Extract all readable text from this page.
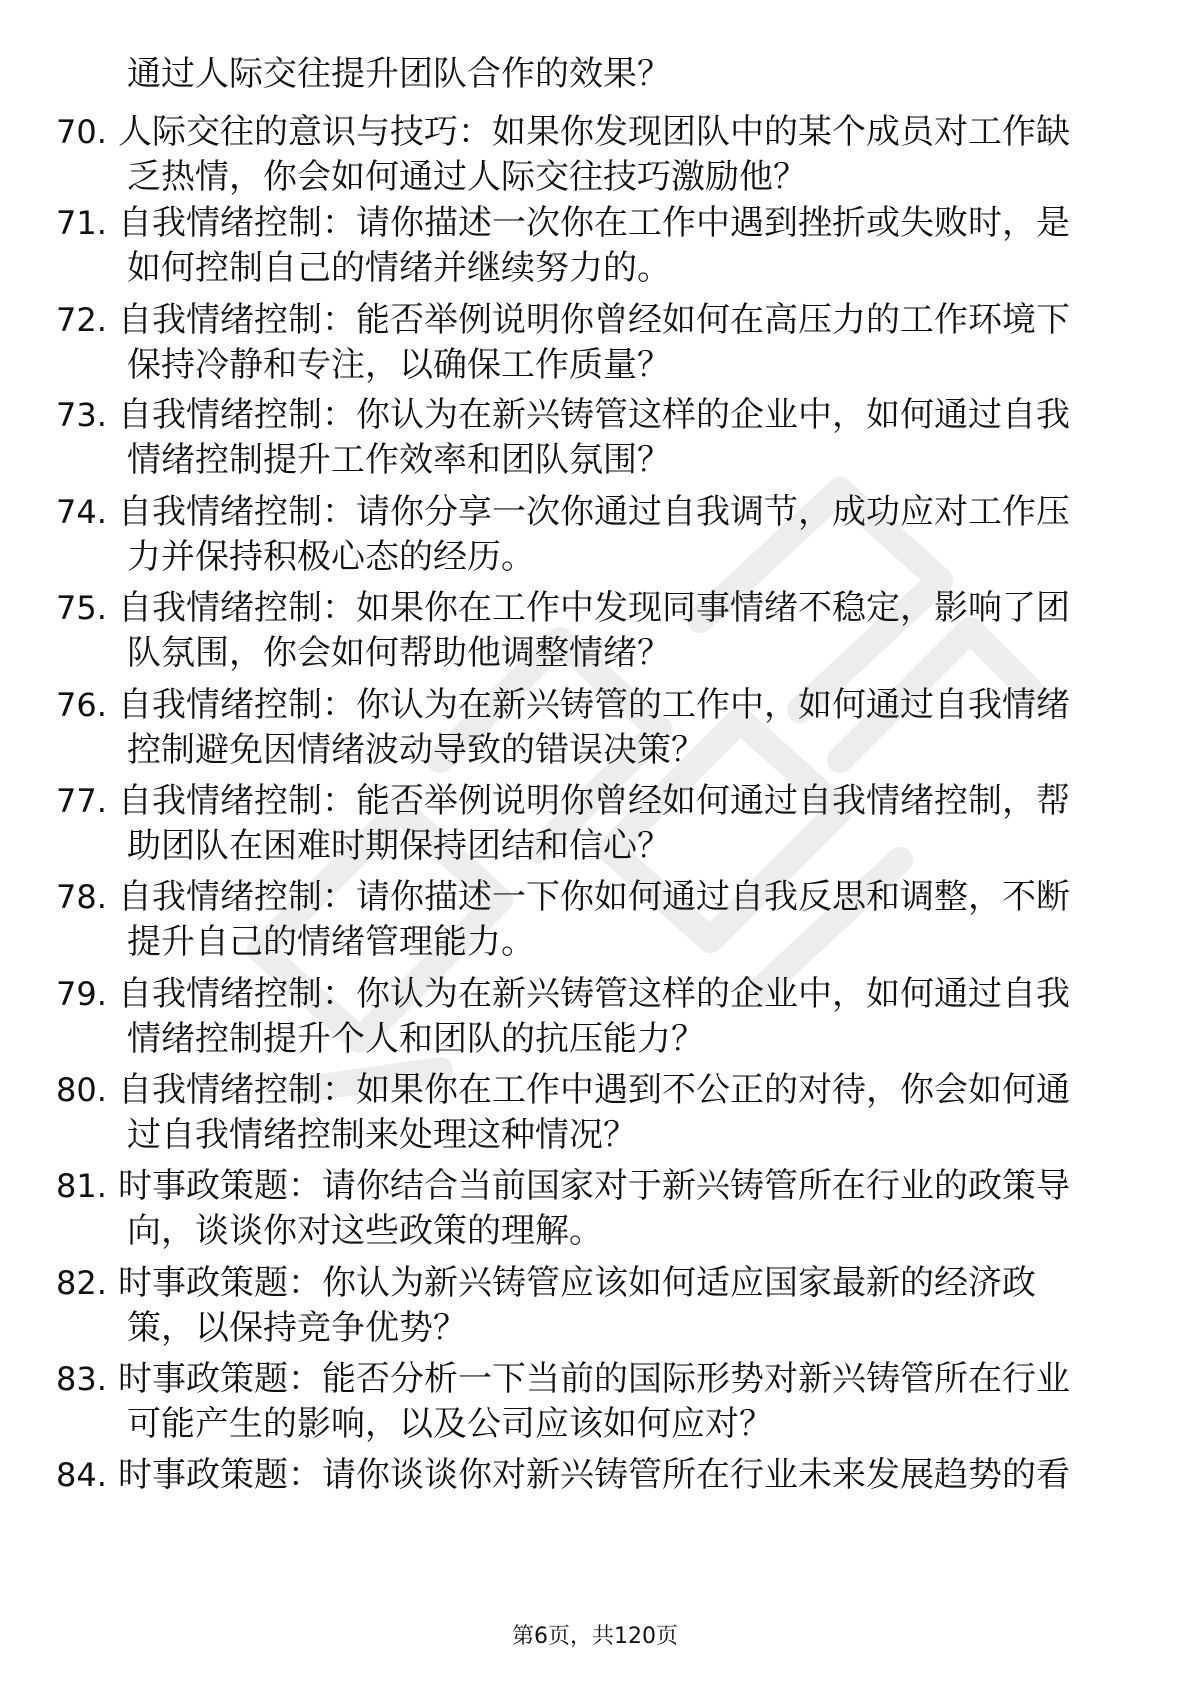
通过人际交往提升团队合作的效果？
70. 人际交往的意识与技巧：如果你发现团队中的某个成员对工作缺
乏热情，你会如何通过人际交往技巧激励他？
71. 自我情绪控制：请你描述一次你在工作中遇到挫折或失败时，是
如何控制自己的情绪并继续努力的。
72. 自我情绪控制：能否举例说明你曾经如何在高压力的工作环境下
保持冷静和专注，以确保工作质量？
73. 自我情绪控制：你认为在新兴铸管这样的企业中，如何通过自我
情绪控制提升工作效率和团队氛围？
74. 自我情绪控制：请你分享一次你通过自我调节，成功应对工作压
力并保持积极心态的经历。
75. 自我情绪控制：如果你在工作中发现同事情绪不稳定，影响了团
队氛围，你会如何帮助他调整情绪？
76. 自我情绪控制：你认为在新兴铸管的工作中，如何通过自我情绪
控制避免因情绪波动导致的错误决策？
77. 自我情绪控制：能否举例说明你曾经如何通过自我情绪控制，帮
助团队在困难时期保持团结和信心？
78. 自我情绪控制：请你描述一下你如何通过自我反思和调整，不断
提升自己的情绪管理能力。
79. 自我情绪控制：你认为在新兴铸管这样的企业中，如何通过自我
情绪控制提升个人和团队的抗压能力？
80. 自我情绪控制：如果你在工作中遇到不公正的对待，你会如何通
过自我情绪控制来处理这种情况？
81. 时事政策题：请你结合当前国家对于新兴铸管所在行业的政策导
向，谈谈你对这些政策的理解。
82. 时事政策题：你认为新兴铸管应该如何适应国家最新的经济政
策，以保持竞争优势？
83. 时事政策题：能否分析一下当前的国际形势对新兴铸管所在行业
可能产生的影响，以及公司应该如何应对？
84. 时事政策题：请你谈谈你对新兴铸管所在行业未来发展趋势的看
第6页，共120页
